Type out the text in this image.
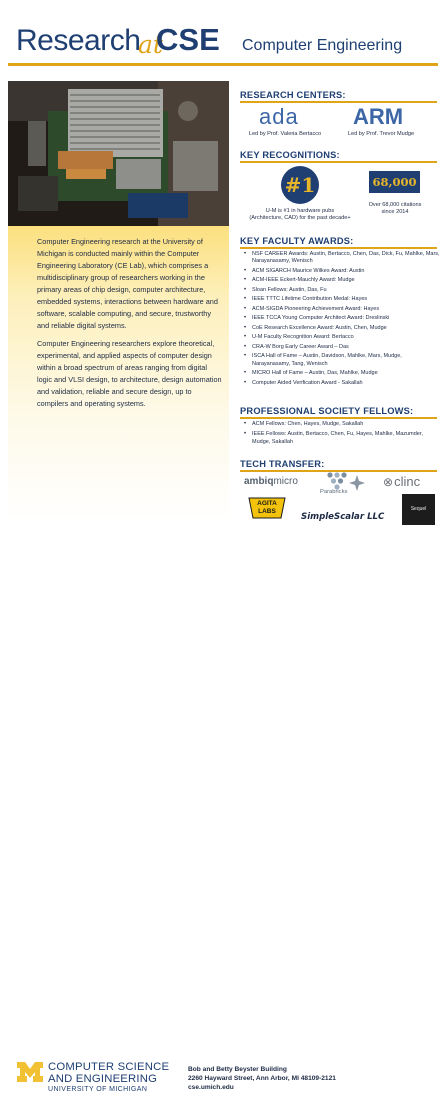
Research
at
CSE Computer Engineering

Computer Engineering research at the University of Michigan is conducted mainly within the Computer Engineering Laboratory (CE Lab), which comprises a multidisciplinary group of researchers working in the primary areas of chip design, computer architecture, embedded systems, interactions between hardware and software, scalable computing, and secure, trustworthy and reliable digital systems.

Computer Engineering researchers explore theoretical, experimental, and applied aspects of computer design within a broad spectrum of areas ranging from digital logic and VLSI design, to architecture, design automation and validation, reliable and secure design, up to compilers and operating systems.

RESEARCH CENTERS:
ada ARM
Led by Prof. Valeria Bertacco	Led by Prof. Trevor Mudge
KEY RECOGNITIONS:
#1	68,000
U-M is #1 in hardware pubs
(Architecture, CAD) for the past decade+
Over 68,000 citations
since 2014
KEY FACULTY AWARDS:
• NSF CAREER Awards: Austin, Bertacco, Chen, Das, Dick, Fu, Mahlke, Mars, Narayanasamy, Wenisch
• ACM SIGARCH Maurice Wilkes Award: Austin
• ACM-IEEE Eckert-Mauchly Award: Mudge
• Sloan Fellows: Austin, Das, Fu
• IEEE TTTC Lifetime Contribution Medal: Hayes
• ACM-SIGDA Pioneering Achievement Award: Hayes
• IEEE TCCA Young Computer Architect Award: Dreslinski
• CoE Research Excellence Award: Austin, Chen, Mudge
• U-M Faculty Recognition Award: Bertacco
• CRA-W Borg Early Career Award – Das
• ISCA Hall of Fame – Austin, Davidson, Mahlke, Mars, Mudge, Narayanasamy, Tang, Wenisch
• MICRO Hall of Fame – Austin, Das, Mahlke, Mudge
• Computer Aided Verification Award - Sakallah
PROFESSIONAL SOCIETY FELLOWS:
• ACM Fellows: Chen, Hayes, Mudge, Sakallah
• IEEE Fellows: Austin, Bertacco, Chen, Fu, Hayes, Mahlke, Mazumder, Mudge, Sakallah
TECH TRANSFER:
ambiqmicro	⊗clinc
AGITA
LABS
Parabricks
SimpleScalar LLC
Sequel
COMPUTER SCIENCE
AND ENGINEERING
UNIVERSITY OF MICHIGAN
Bob and Betty Beyster Building
2260 Hayward Street, Ann Arbor, MI 48109-2121
cse.umich.edu
